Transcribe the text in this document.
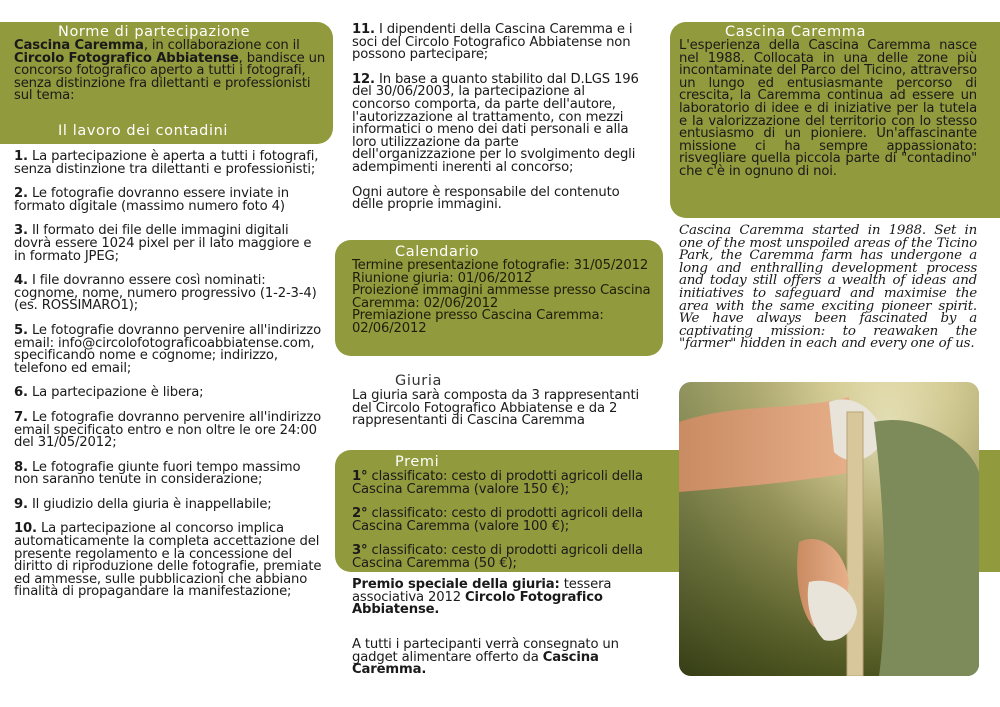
Norme di partecipazione
Cascina Caremma, in collaborazione con il Circolo Fotografico Abbiatense, bandisce un concorso fotografico aperto a tutti i fotografi, senza distinzione fra dilettanti e professionisti sul tema:
Il lavoro dei contadini

1. La partecipazione è aperta a tutti i fotografi, senza distinzione tra dilettanti e professionisti;

2. Le fotografie dovranno essere inviate in formato digitale (massimo numero foto 4)

3. Il formato dei file delle immagini digitali dovrà essere 1024 pixel per il lato maggiore e in formato JPEG;

4. I file dovranno essere così nominati: cognome, nome, numero progressivo (1-2-3-4) (es. ROSSIMARO1);

5. Le fotografie dovranno pervenire all'indirizzo email: info@circolofotograficoabbiatense.com, specificando nome e cognome; indirizzo, telefono ed email;

6. La partecipazione è libera;

7. Le fotografie dovranno pervenire all'indirizzo email specificato entro e non oltre le ore 24:00 del 31/05/2012;

8. Le fotografie giunte fuori tempo massimo non saranno tenute in considerazione;

9. Il giudizio della giuria è inappellabile;

10. La partecipazione al concorso implica automaticamente la completa accettazione del presente regolamento e la concessione del diritto di riproduzione delle fotografie, premiate ed ammesse, sulle pubblicazioni che abbiano finalità di propagandare la manifestazione;

11. I dipendenti della Cascina Caremma e i soci del Circolo Fotografico Abbiatense non possono partecipare;

12. In base a quanto stabilito dal D.LGS 196 del 30/06/2003, la partecipazione al concorso comporta, da parte dell'autore, l'autorizzazione al trattamento, con mezzi informatici o meno dei dati personali e alla loro utilizzazione da parte dell'organizzazione per lo svolgimento degli adempimenti inerenti al concorso;

Ogni autore è responsabile del contenuto delle proprie immagini.

Calendario

Termine presentazione fotografie: 31/05/2012

Riunione giuria: 01/06/2012

Proiezione immagini ammesse presso Cascina Caremma: 02/06/2012

Premiazione presso Cascina Caremma: 02/06/2012

Giuria
La giuria sarà composta da 3 rappresentanti del Circolo Fotografico Abbiatense e da 2 rappresentanti di Cascina Caremma
Premi

1° classificato: cesto di prodotti agricoli della Cascina Caremma (valore 150 €);

2° classificato: cesto di prodotti agricoli della Cascina Caremma (valore 100 €);

3° classificato: cesto di prodotti agricoli della Cascina Caremma (50 €);

Premio speciale della giuria: tessera associativa 2012 Circolo Fotografico Abbiatense.
A tutti i partecipanti verrà consegnato un gadget alimentare offerto da Cascina Caremma.
Cascina Caremma
L'esperienza della Cascina Caremma nasce nel 1988. Collocata in una delle zone più incontaminate del Parco del Ticino, attraverso un lungo ed entusiasmante percorso di crescita, la Caremma continua ad essere un laboratorio di idee e di iniziative per la tutela e la valorizzazione del territorio con lo stesso entusiasmo di un pioniere. Un'affascinante missione ci ha sempre appassionato: risvegliare quella piccola parte di "contadino" che c'è in ognuno di noi.
Cascina Caremma started in 1988. Set in one of the most unspoiled areas of the Ticino Park, the Caremma farm has undergone a long and enthralling development process and today still offers a wealth of ideas and initiatives to safeguard and maximise the area with the same exciting pioneer spirit. We have always been fascinated by a captivating mission: to reawaken the "farmer" hidden in each and every one of us.
